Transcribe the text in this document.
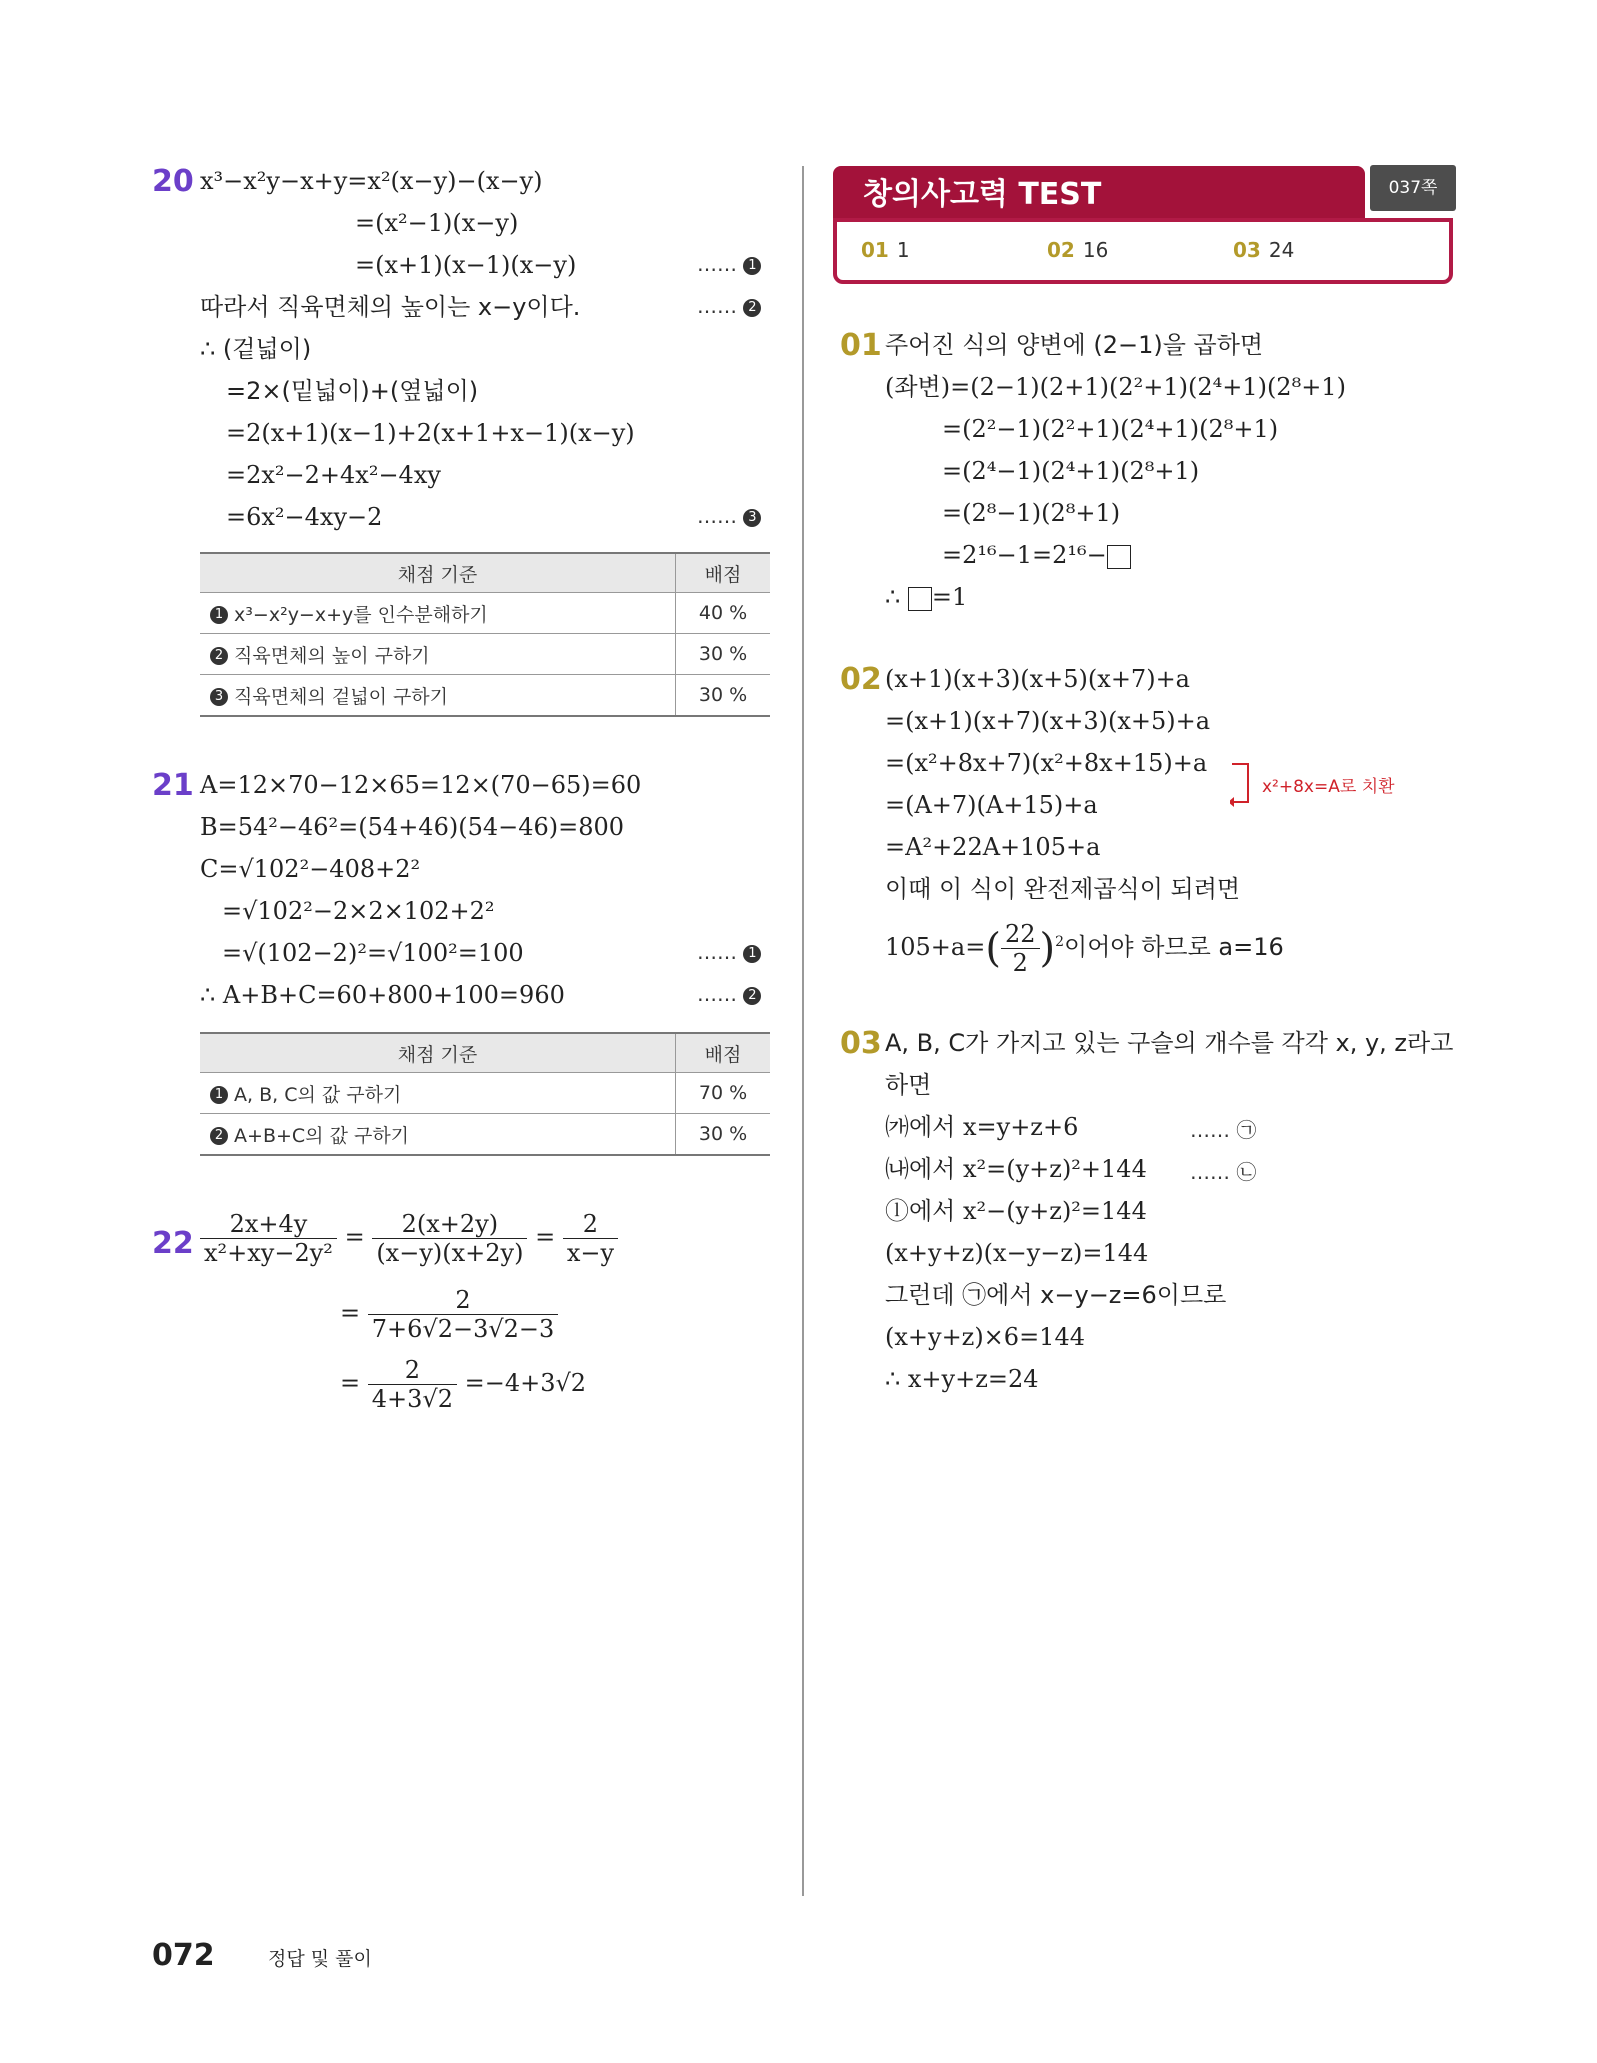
20 x³−x²y−x+y=x²(x−y)−(x−y)
=(x²−1)(x−y)
=(x+1)(x−1)(x−y)	…… 1
따라서 직육면체의 높이는 x−y이다.	…… 2
∴ (겉넓이)
=2×(밑넓이)+(옆넓이)
=2(x+1)(x−1)+2(x+1+x−1)(x−y)
=2x²−2+4x²−4xy
=6x²−4xy−2	…… 3
채점 기준	배점
1 x³−x²y−x+y를 인수분해하기	40 %
2 직육면체의 높이 구하기	30 %
3 직육면체의 겉넓이 구하기	30 %
21 A=12×70−12×65=12×(70−65)=60
B=54²−46²=(54+46)(54−46)=800
C=√102²−408+2²
=√102²−2×2×102+2²
=√(102−2)²=√100²=100	…… 1
∴ A+B+C=60+800+100=960	…… 2
채점 기준	배점
1 A, B, C의 값 구하기	70 %
2 A+B+C의 값 구하기	30 %
$22 \frac{2x+4y}{\text{x²+xy−2y²}} = \frac{2(x+2y)}{(x-y)(x+2y)} = \frac{2}{x-y}$
= $\frac{2}{7+6√2-3√2-3}$
= $\frac{2}{4+3√2} =-4+3√2$
창의사고력 TEST
01 1	02 16	03 24
037쪽
01 주어진 식의 양변에 (2−1)을 곱하면
(좌변)=(2−1)(2+1)(2²+1)(2⁴+1)(2⁸+1)
=(2²−1)(2²+1)(2⁴+1)(2⁸+1)
=(2⁴−1)(2⁴+1)(2⁸+1)
=(2⁸−1)(2⁸+1)
=2¹⁶−1=2¹⁶−
∴ =1
02 (x+1)(x+3)(x+5)(x+7)+a
=(x+1)(x+7)(x+3)(x+5)+a
=(x²+8x+7)(x²+8x+15)+a
x²+8x=A로 치환
=(A+7)(A+15)+a
=A²+22A+105+a
이때 이 식이 완전제곱식이 되려면
$105+a=( \frac{22}{2} )^2$이어야 하므로 a=16
03 A, B, C가 가지고 있는 구슬의 개수를 각각 x, y, z라고
하면
㈎에서 x=y+z+6	…… ㉠
㈏에서 x²=(y+z)²+144 …… ㉡
ⓛ에서 x²−(y+z)²=144
(x+y+z)(x−y−z)=144
그런데 ㉠에서 x−y−z=6이므로
(x+y+z)×6=144
∴ x+y+z=24
072	정답 및 풀이
